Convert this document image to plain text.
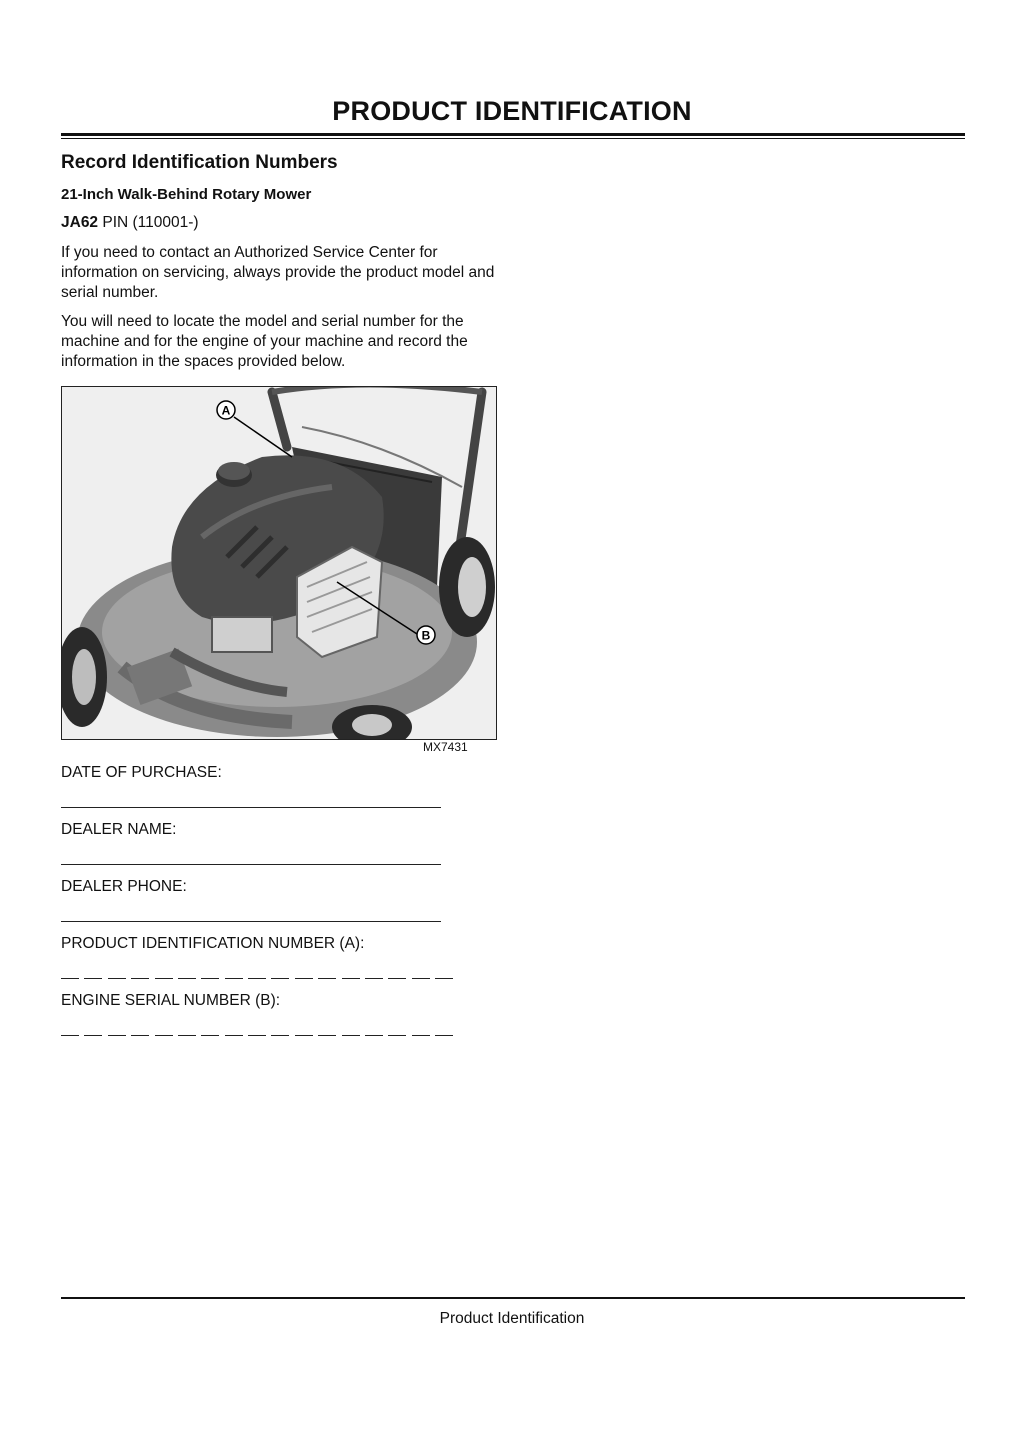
PRODUCT IDENTIFICATION
Record Identification Numbers
21-Inch Walk-Behind Rotary Mower
JA62 PIN (110001-)
If you need to contact an Authorized Service Center for information on servicing, always provide the product model and serial number.
You will need to locate the model and serial number for the machine and for the engine of your machine and record the information in the spaces provided below.
A
B
MX7431
DATE OF PURCHASE:
DEALER NAME:
DEALER PHONE:
PRODUCT IDENTIFICATION NUMBER (A):
ENGINE SERIAL NUMBER (B):
Product Identification
